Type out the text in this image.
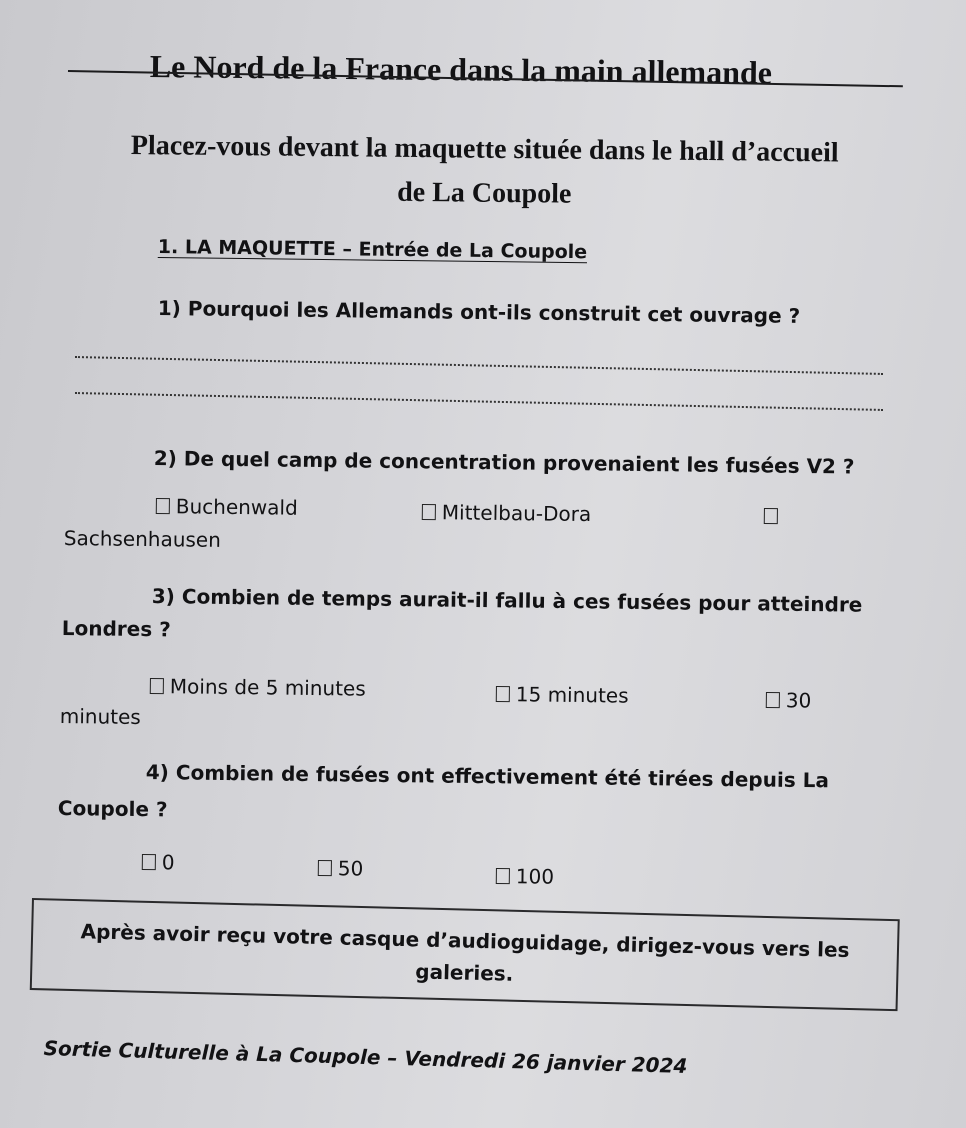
Le Nord de la France dans la main allemande
Placez-vous devant la maquette située dans le hall d’accueil de La Coupole
1. LA MAQUETTE – Entrée de La Coupole
1) Pourquoi les Allemands ont-ils construit cet ouvrage ?
2) De quel camp de concentration provenaient les fusées V2 ?
Buchenwald	Mittelbau-Dora
Sachsenhausen
3) Combien de temps aurait-il fallu à ces fusées pour atteindre
Londres ?
Moins de 5 minutes	15 minutes	30
minutes
4) Combien de fusées ont effectivement été tirées depuis La
Coupole ?
0	50	100
Après avoir reçu votre casque d’audioguidage, dirigez-vous vers les galeries.
Sortie Culturelle à La Coupole – Vendredi 26 janvier 2024
